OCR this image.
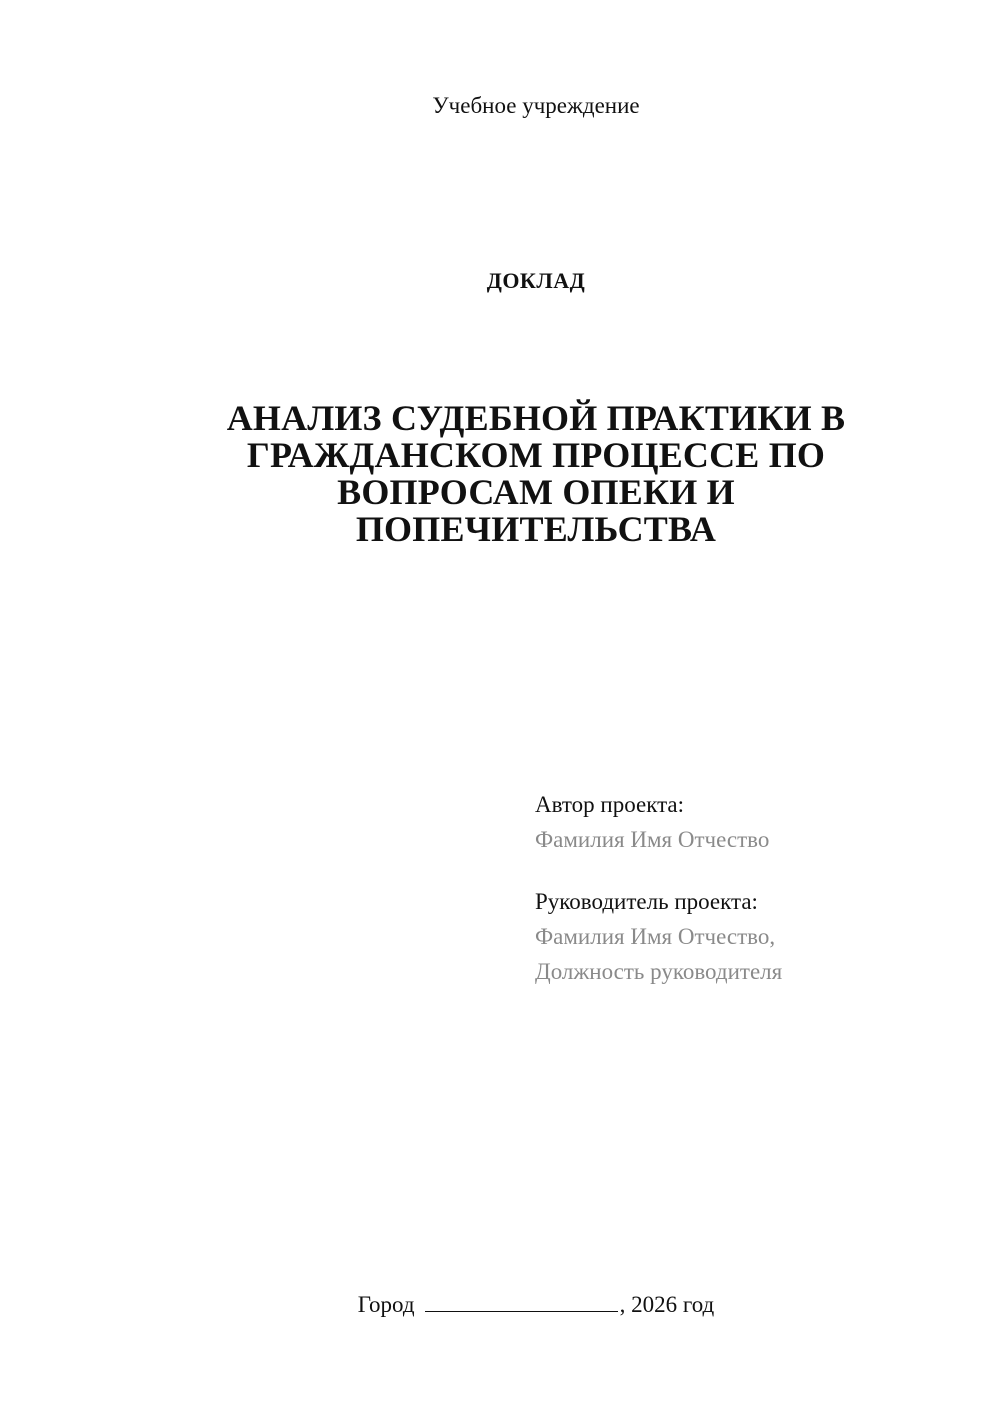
Учебное учреждение
ДОКЛАД
АНАЛИЗ СУДЕБНОЙ ПРАКТИКИ В
ГРАЖДАНСКОМ ПРОЦЕССЕ ПО
ВОПРОСАМ ОПЕКИ И
ПОПЕЧИТЕЛЬСТВА
Автор проекта:
Фамилия Имя Отчество
Руководитель проекта:
Фамилия Имя Отчество,
Должность руководителя
Город	, 2026 год
